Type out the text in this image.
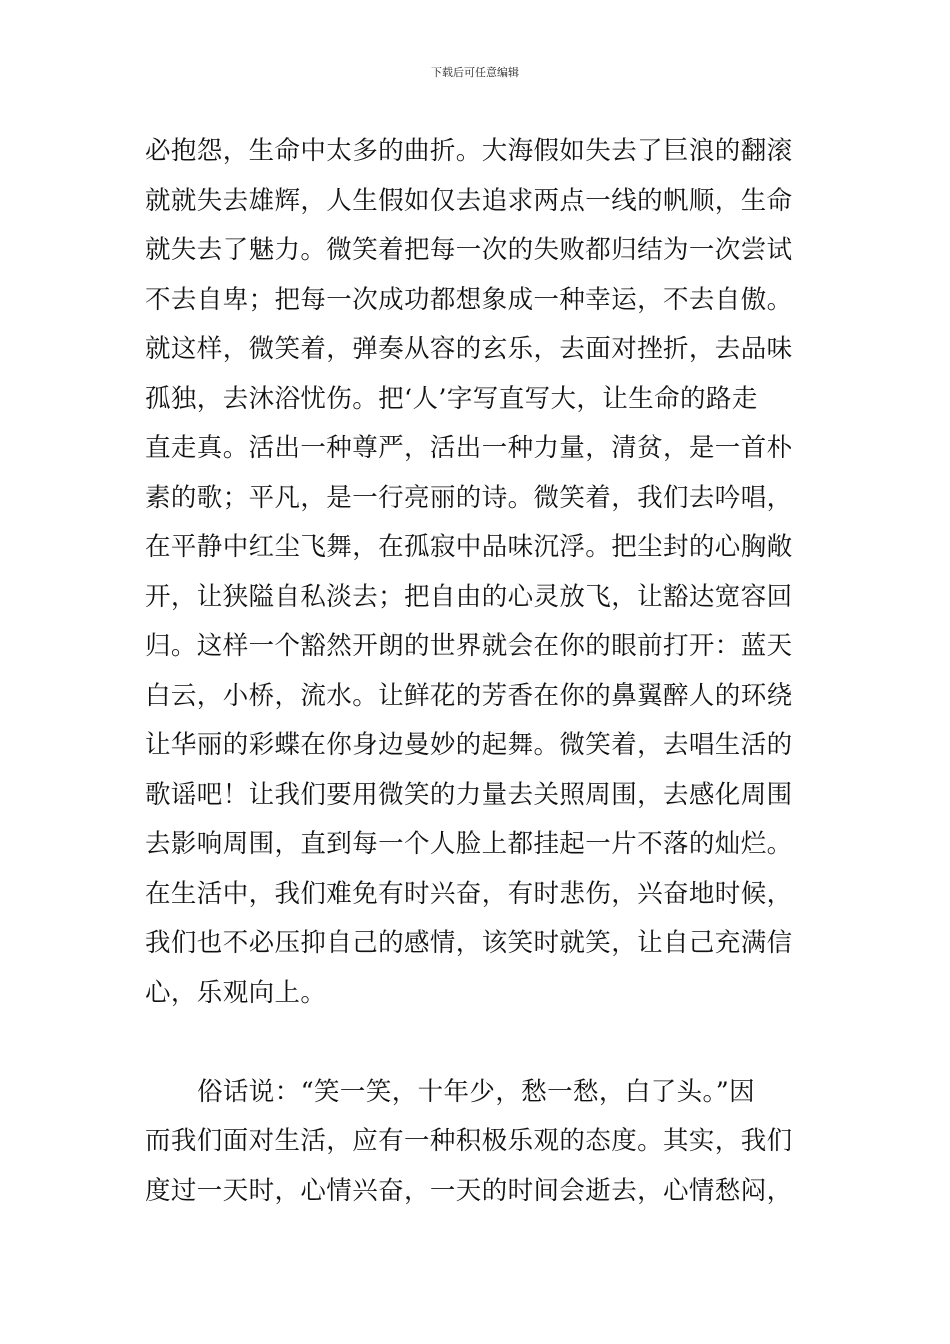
下载后可任意编辑
必抱怨，生命中太多的曲折。大海假如失去了巨浪的翻滚
就就失去雄辉，人生假如仅去追求两点一线的帆顺，生命
就失去了魅力。微笑着把每一次的失败都归结为一次尝试
不去自卑；把每一次成功都想象成一种幸运，不去自傲。
就这样，微笑着，弹奏从容的玄乐，去面对挫折，去品味
孤独，去沐浴忧伤。把‘人’字写直写大，让生命的路走
直走真。活出一种尊严，活出一种力量，清贫，是一首朴
素的歌；平凡，是一行亮丽的诗。微笑着，我们去吟唱，
在平静中红尘飞舞，在孤寂中品味沉浮。把尘封的心胸敞
开，让狭隘自私淡去；把自由的心灵放飞，让豁达宽容回
归。这样一个豁然开朗的世界就会在你的眼前打开：蓝天
白云，小桥，流水。让鲜花的芳香在你的鼻翼醉人的环绕
让华丽的彩蝶在你身边曼妙的起舞。微笑着，去唱生活的
歌谣吧！让我们要用微笑的力量去关照周围，去感化周围
去影响周围，直到每一个人脸上都挂起一片不落的灿烂。
在生活中，我们难免有时兴奋，有时悲伤，兴奋地时候，
我们也不必压抑自己的感情，该笑时就笑，让自己充满信
心，乐观向上。
俗话说：“笑一笑，十年少，愁一愁，白了头。”因
而我们面对生活，应有一种积极乐观的态度。其实，我们
度过一天时，心情兴奋，一天的时间会逝去，心情愁闷，
